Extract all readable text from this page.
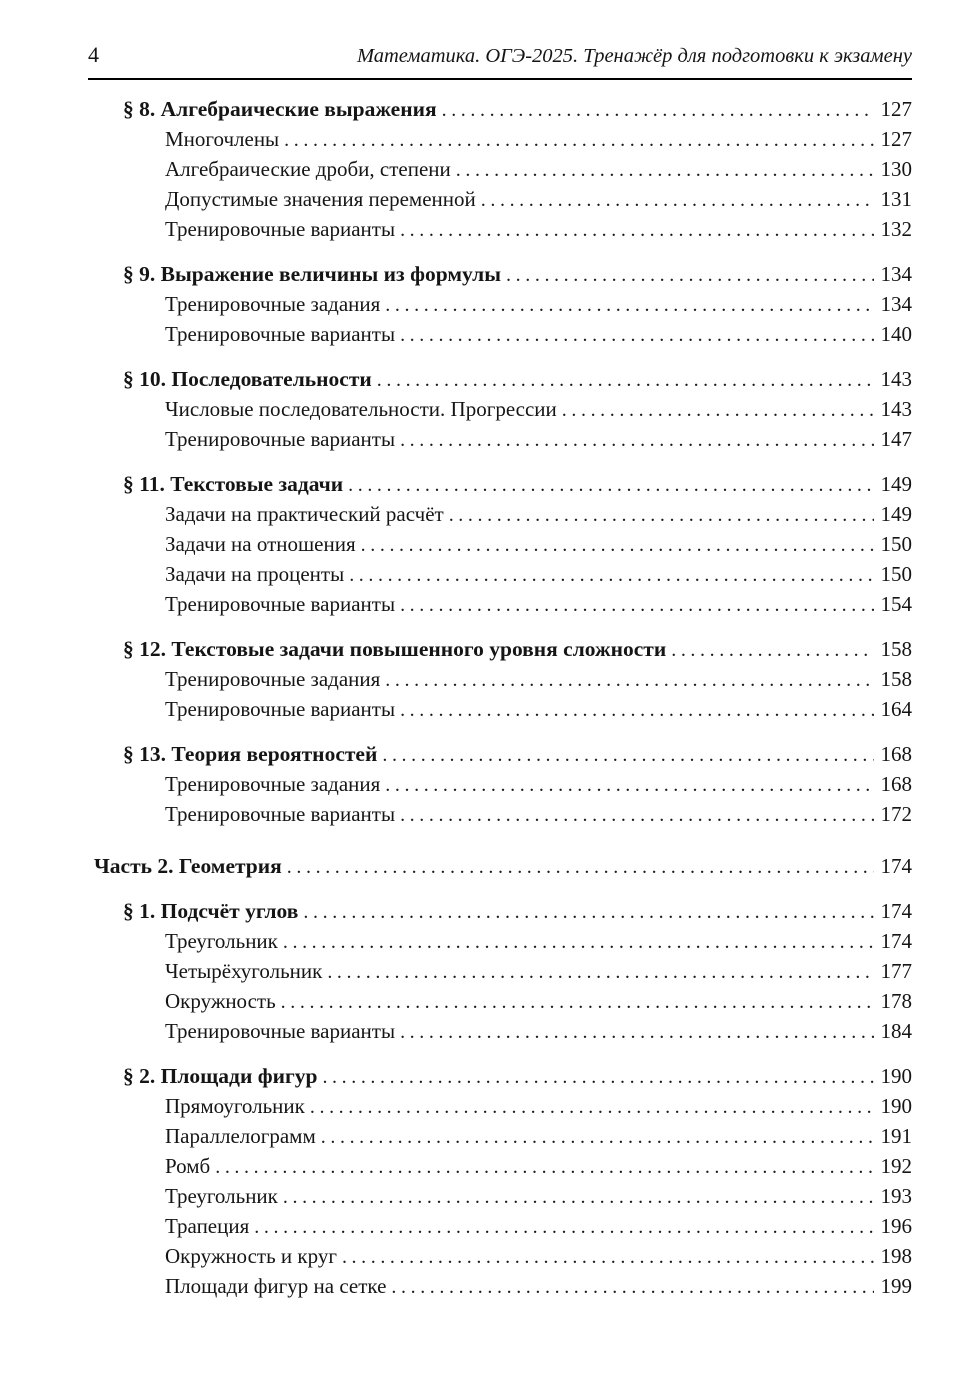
4	Математика. ОГЭ-2025. Тренажёр для подготовки к экзамену
§ 8. Алгебраические выражения .....	127
Многочлены .....	127
Алгебраические дроби, степени .....	130
Допустимые значения переменной .....	131
Тренировочные варианты .....	132
§ 9. Выражение величины из формулы .....	134
Тренировочные задания .....	134
Тренировочные варианты .....	140
§ 10. Последовательности .....	143
Числовые последовательности. Прогрессии .....	143
Тренировочные варианты .....	147
§ 11. Текстовые задачи .....	149
Задачи на практический расчёт .....	149
Задачи на отношения .....	150
Задачи на проценты .....	150
Тренировочные варианты .....	154
§ 12. Текстовые задачи повышенного уровня сложности .....	158
Тренировочные задания .....	158
Тренировочные варианты .....	164
§ 13. Теория вероятностей .....	168
Тренировочные задания .....	168
Тренировочные варианты .....	172
Часть 2. Геометрия .....	174
§ 1. Подсчёт углов .....	174
Треугольник .....	174
Четырёхугольник .....	177
Окружность .....	178
Тренировочные варианты .....	184
§ 2. Площади фигур .....	190
Прямоугольник .....	190
Параллелограмм .....	191
Ромб .....	192
Треугольник .....	193
Трапеция .....	196
Окружность и круг .....	198
Площади фигур на сетке .....	199
